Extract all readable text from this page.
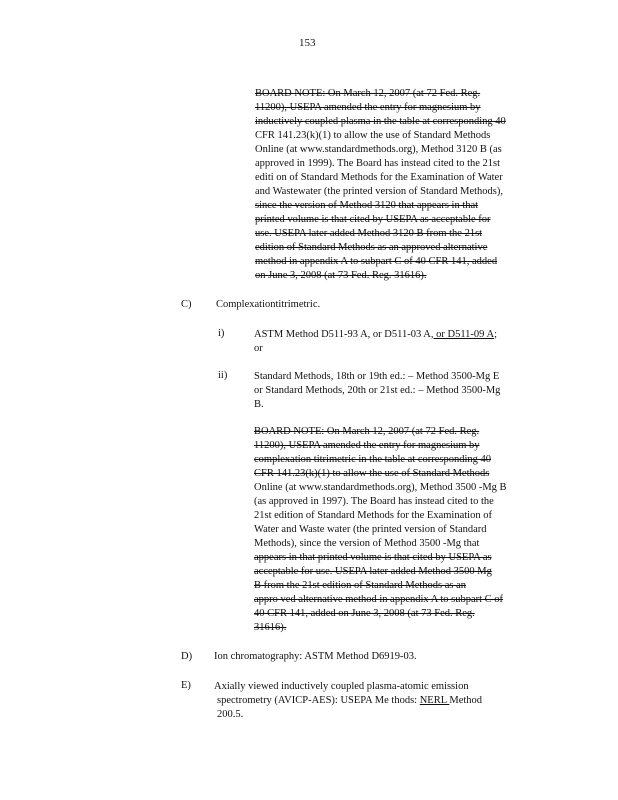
153
BOARD NOTE: On March 12, 2007 (at 72 Fed. Reg.
11200), USEPA amended the entry for magnesium by
inductively coupled plasma in the table at corresponding 40
CFR 141.23(k)(1) to allow the use of Standard Methods
Online (at www.standardmethods.org), Method 3120 B (as
approved in 1999). The Board has instead cited to the 21st
editi on of Standard Methods for the Examination of Water
and Wastewater (the printed version of Standard Methods),
since the version of Method 3120 that appears in that
printed volume is that cited by USEPA as acceptable for
use. USEPA later added Method 3120 B from the 21st
edition of Standard Methods as an approved alternative
method in appendix A to subpart C of 40 CFR 141, added
on June 3, 2008 (at 73 Fed. Reg. 31616).
C) Complexationtitrimetric.
i)	ASTM Method D511-93 A, or D511-03 A, or D511-09 A;
or
ii)	Standard Methods, 18th or 19th ed.: – Method 3500-Mg E
or Standard Methods, 20th or 21st ed.: – Method 3500-Mg
B.
BOARD NOTE: On March 12, 2007 (at 72 Fed. Reg.
11200), USEPA amended the entry for magnesium by
complexation titrimetric in the table at corresponding 40
CFR 141.23(k)(1) to allow the use of Standard Methods
Online (at www.standardmethods.org), Method 3500 -Mg B
(as approved in 1997). The Board has instead cited to the
21st edition of Standard Methods for the Examination of
Water and Waste water (the printed version of Standard
Methods), since the version of Method 3500 -Mg that
appears in that printed volume is that cited by USEPA as
acceptable for use. USEPA later added Method 3500 Mg
B from the 21st edition of Standard Methods as an
appro ved alternative method in appendix A to subpart C of
40 CFR 141, added on June 3, 2008 (at 73 Fed. Reg.
31616).
D) Ion chromatography: ASTM Method D6919-03.
E) Axially viewed inductively coupled plasma-atomic emission
spectrometry (AVICP-AES): USEPA Me thods: NERL Method
200.5.
